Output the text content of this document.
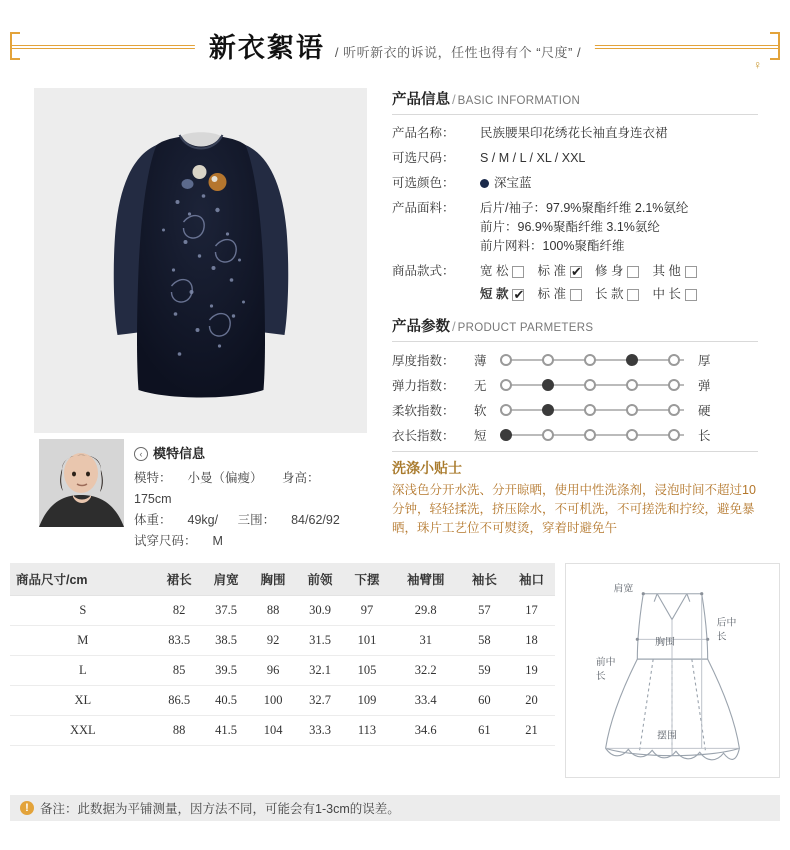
新衣絮语 / 听听新衣的诉说，任性也得有个 “尺度” /
♀
‹ 模特信息
模特： 小曼（偏瘦） 身高：175cm
体重： 49kg/ 三围： 84/62/92
试穿尺码： M
产品信息 / BASIC INFORMATION
产品名称：	民族腰果印花绣花长袖直身连衣裙
可选尺码：	S / M / L / XL / XXL
可选颜色：	深宝蓝
产品面料：	后片/袖子：97.9%聚酯纤维 2.1%氨纶
前片：96.9%聚酯纤维 3.1%氨纶
前片网料：100%聚酯纤维

商品款式：	宽 松 标 准 ✔ 修 身 其 他
短 款 ✔ 标 准 长 款 中 长
产品参数 / PRODUCT PARMETERS
厚度指数：	薄	厚
弹力指数：	无	弹
柔软指数：	软	硬
衣长指数：	短	长
洗涤小贴士
深浅色分开水洗、分开晾晒，使用中性洗涤剂，浸泡时间不超过10分钟，轻轻揉洗，挤压除水，不可机洗，不可搓洗和拧绞，避免暴晒，珠片工艺位不可熨烫，穿着时避免午
商品尺寸/cm	裙长	肩宽	胸围	前领	下摆	袖臂围	袖长	袖口
S	82	37.5	88	30.9	97	29.8	57	17
M	83.5	38.5	92	31.5	101	31	58	18
L	85	39.5	96	32.1	105	32.2	59	19
XL	86.5	40.5	100	32.7	109	33.4	60	20
XXL	88	41.5	104	33.3	113	34.6	61	21
肩宽
胸围
前中
长
后中
长
摆围
! 备注：此数据为平铺测量，因方法不同，可能会有1-3cm的误差。
